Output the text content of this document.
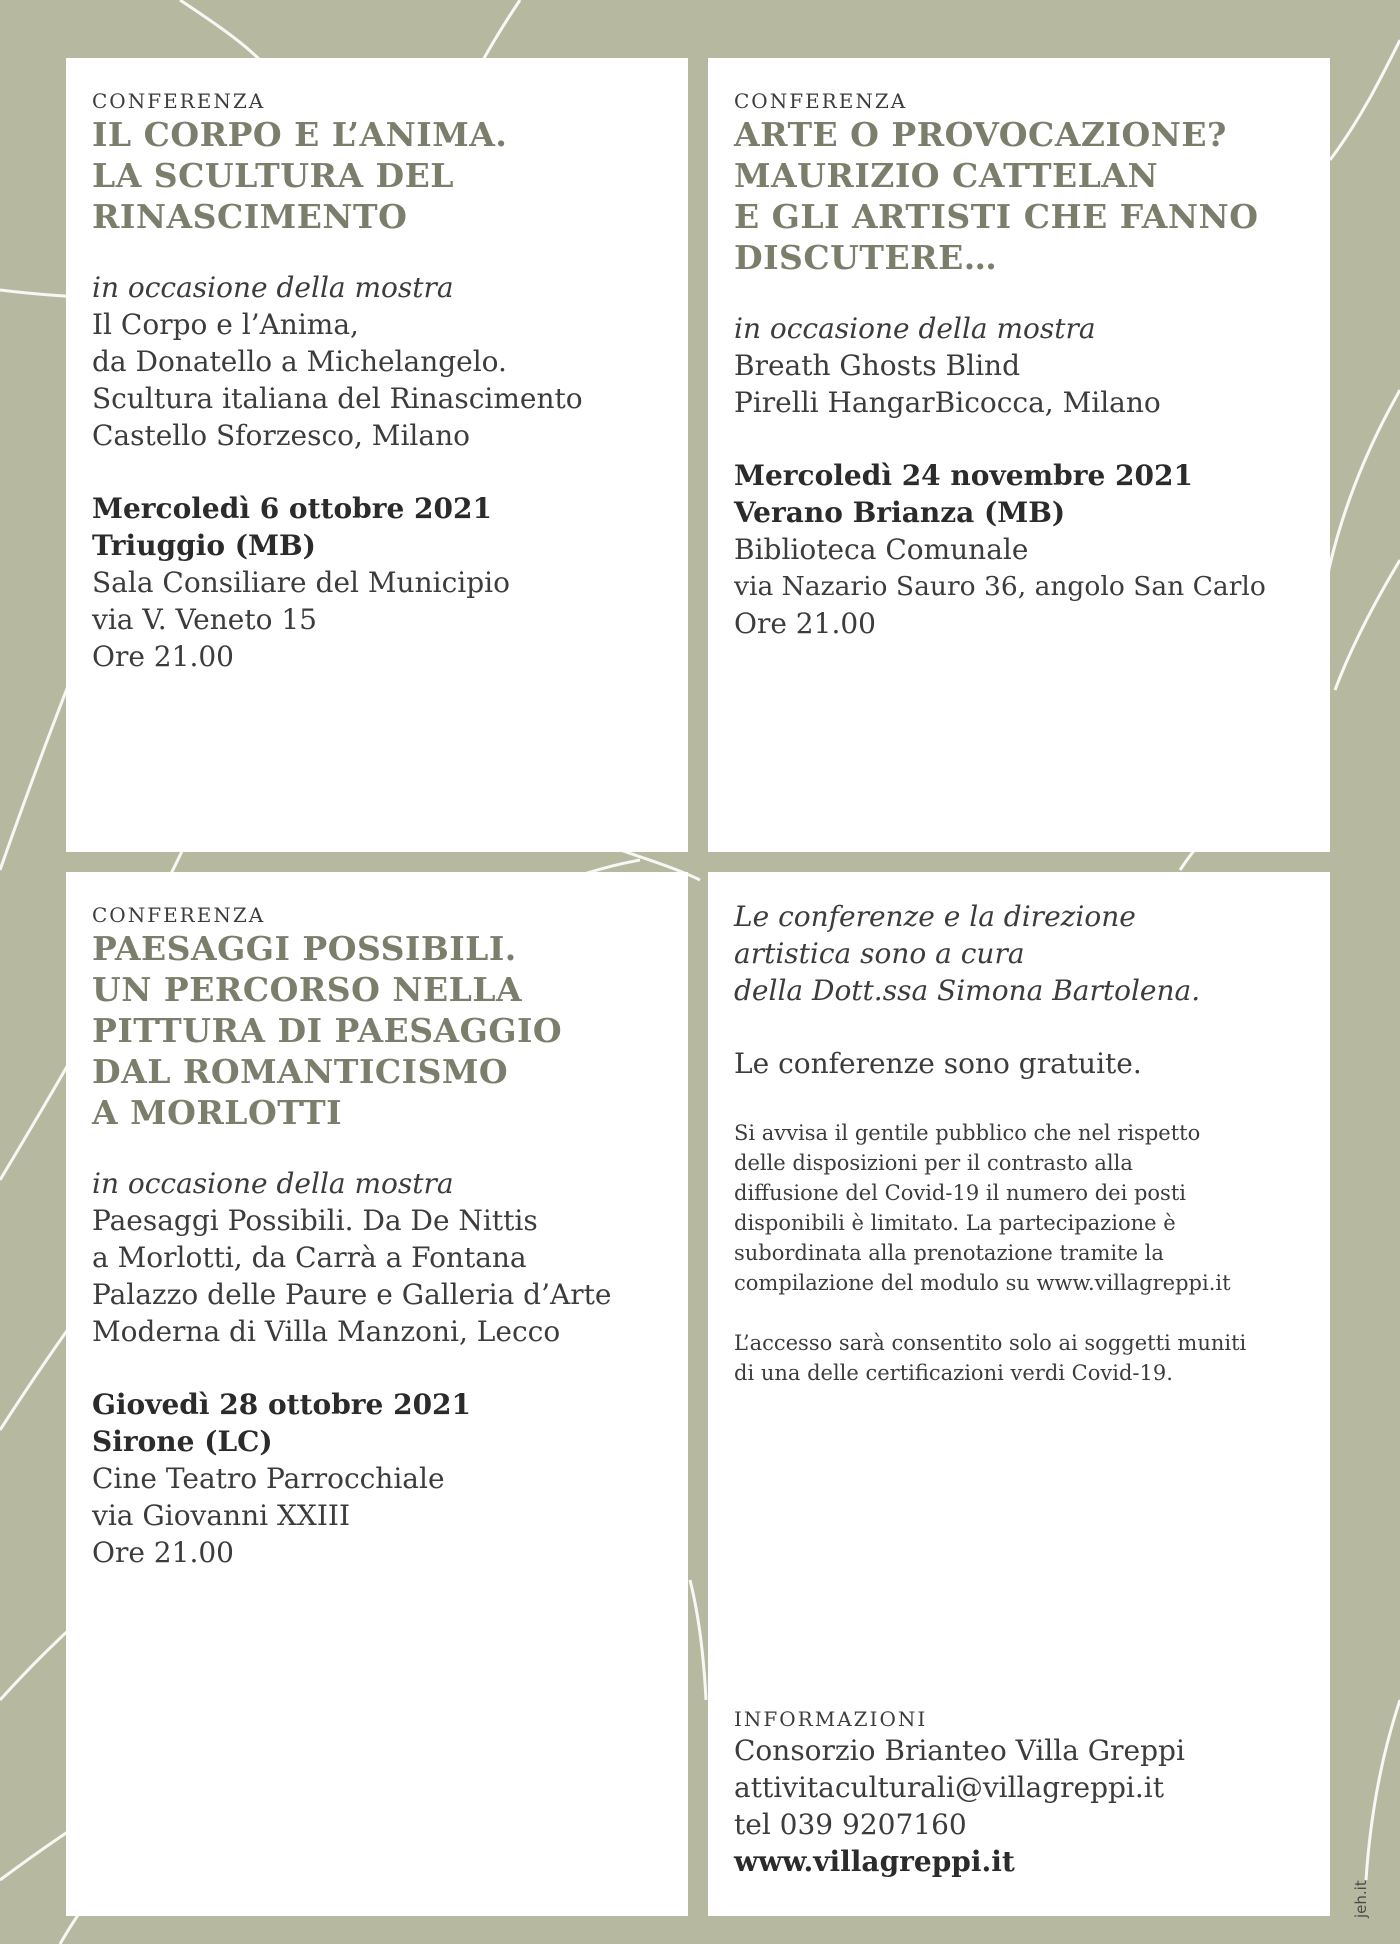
CONFERENZA
IL CORPO E L’ANIMA.
LA SCULTURA DEL
RINASCIMENTO
in occasione della mostra
Il Corpo e l’Anima,
da Donatello a Michelangelo.
Scultura italiana del Rinascimento
Castello Sforzesco, Milano
Mercoledì 6 ottobre 2021
Triuggio (MB)
Sala Consiliare del Municipio
via V. Veneto 15
Ore 21.00
CONFERENZA
ARTE O PROVOCAZIONE?
MAURIZIO CATTELAN
E GLI ARTISTI CHE FANNO
DISCUTERE…
in occasione della mostra
Breath Ghosts Blind
Pirelli HangarBicocca, Milano
Mercoledì 24 novembre 2021
Verano Brianza (MB)
Biblioteca Comunale
via Nazario Sauro 36, angolo San Carlo
Ore 21.00
CONFERENZA
PAESAGGI POSSIBILI.
UN PERCORSO NELLA
PITTURA DI PAESAGGIO
DAL ROMANTICISMO
A MORLOTTI
in occasione della mostra
Paesaggi Possibili. Da De Nittis
a Morlotti, da Carrà a Fontana
Palazzo delle Paure e Galleria d’Arte
Moderna di Villa Manzoni, Lecco
Giovedì 28 ottobre 2021
Sirone (LC)
Cine Teatro Parrocchiale
via Giovanni XXIII
Ore 21.00
Le conferenze e la direzione
artistica sono a cura
della Dott.ssa Simona Bartolena.
Le conferenze sono gratuite.
Si avvisa il gentile pubblico che nel rispetto
delle disposizioni per il contrasto alla
diffusione del Covid-19 il numero dei posti
disponibili è limitato. La partecipazione è
subordinata alla prenotazione tramite la
compilazione del modulo su www.villagreppi.it
L’accesso sarà consentito solo ai soggetti muniti
di una delle certificazioni verdi Covid-19.
INFORMAZIONI
Consorzio Brianteo Villa Greppi
attivitaculturali@villagreppi.it
tel 039 9207160
www.villagreppi.it
jeh.it
